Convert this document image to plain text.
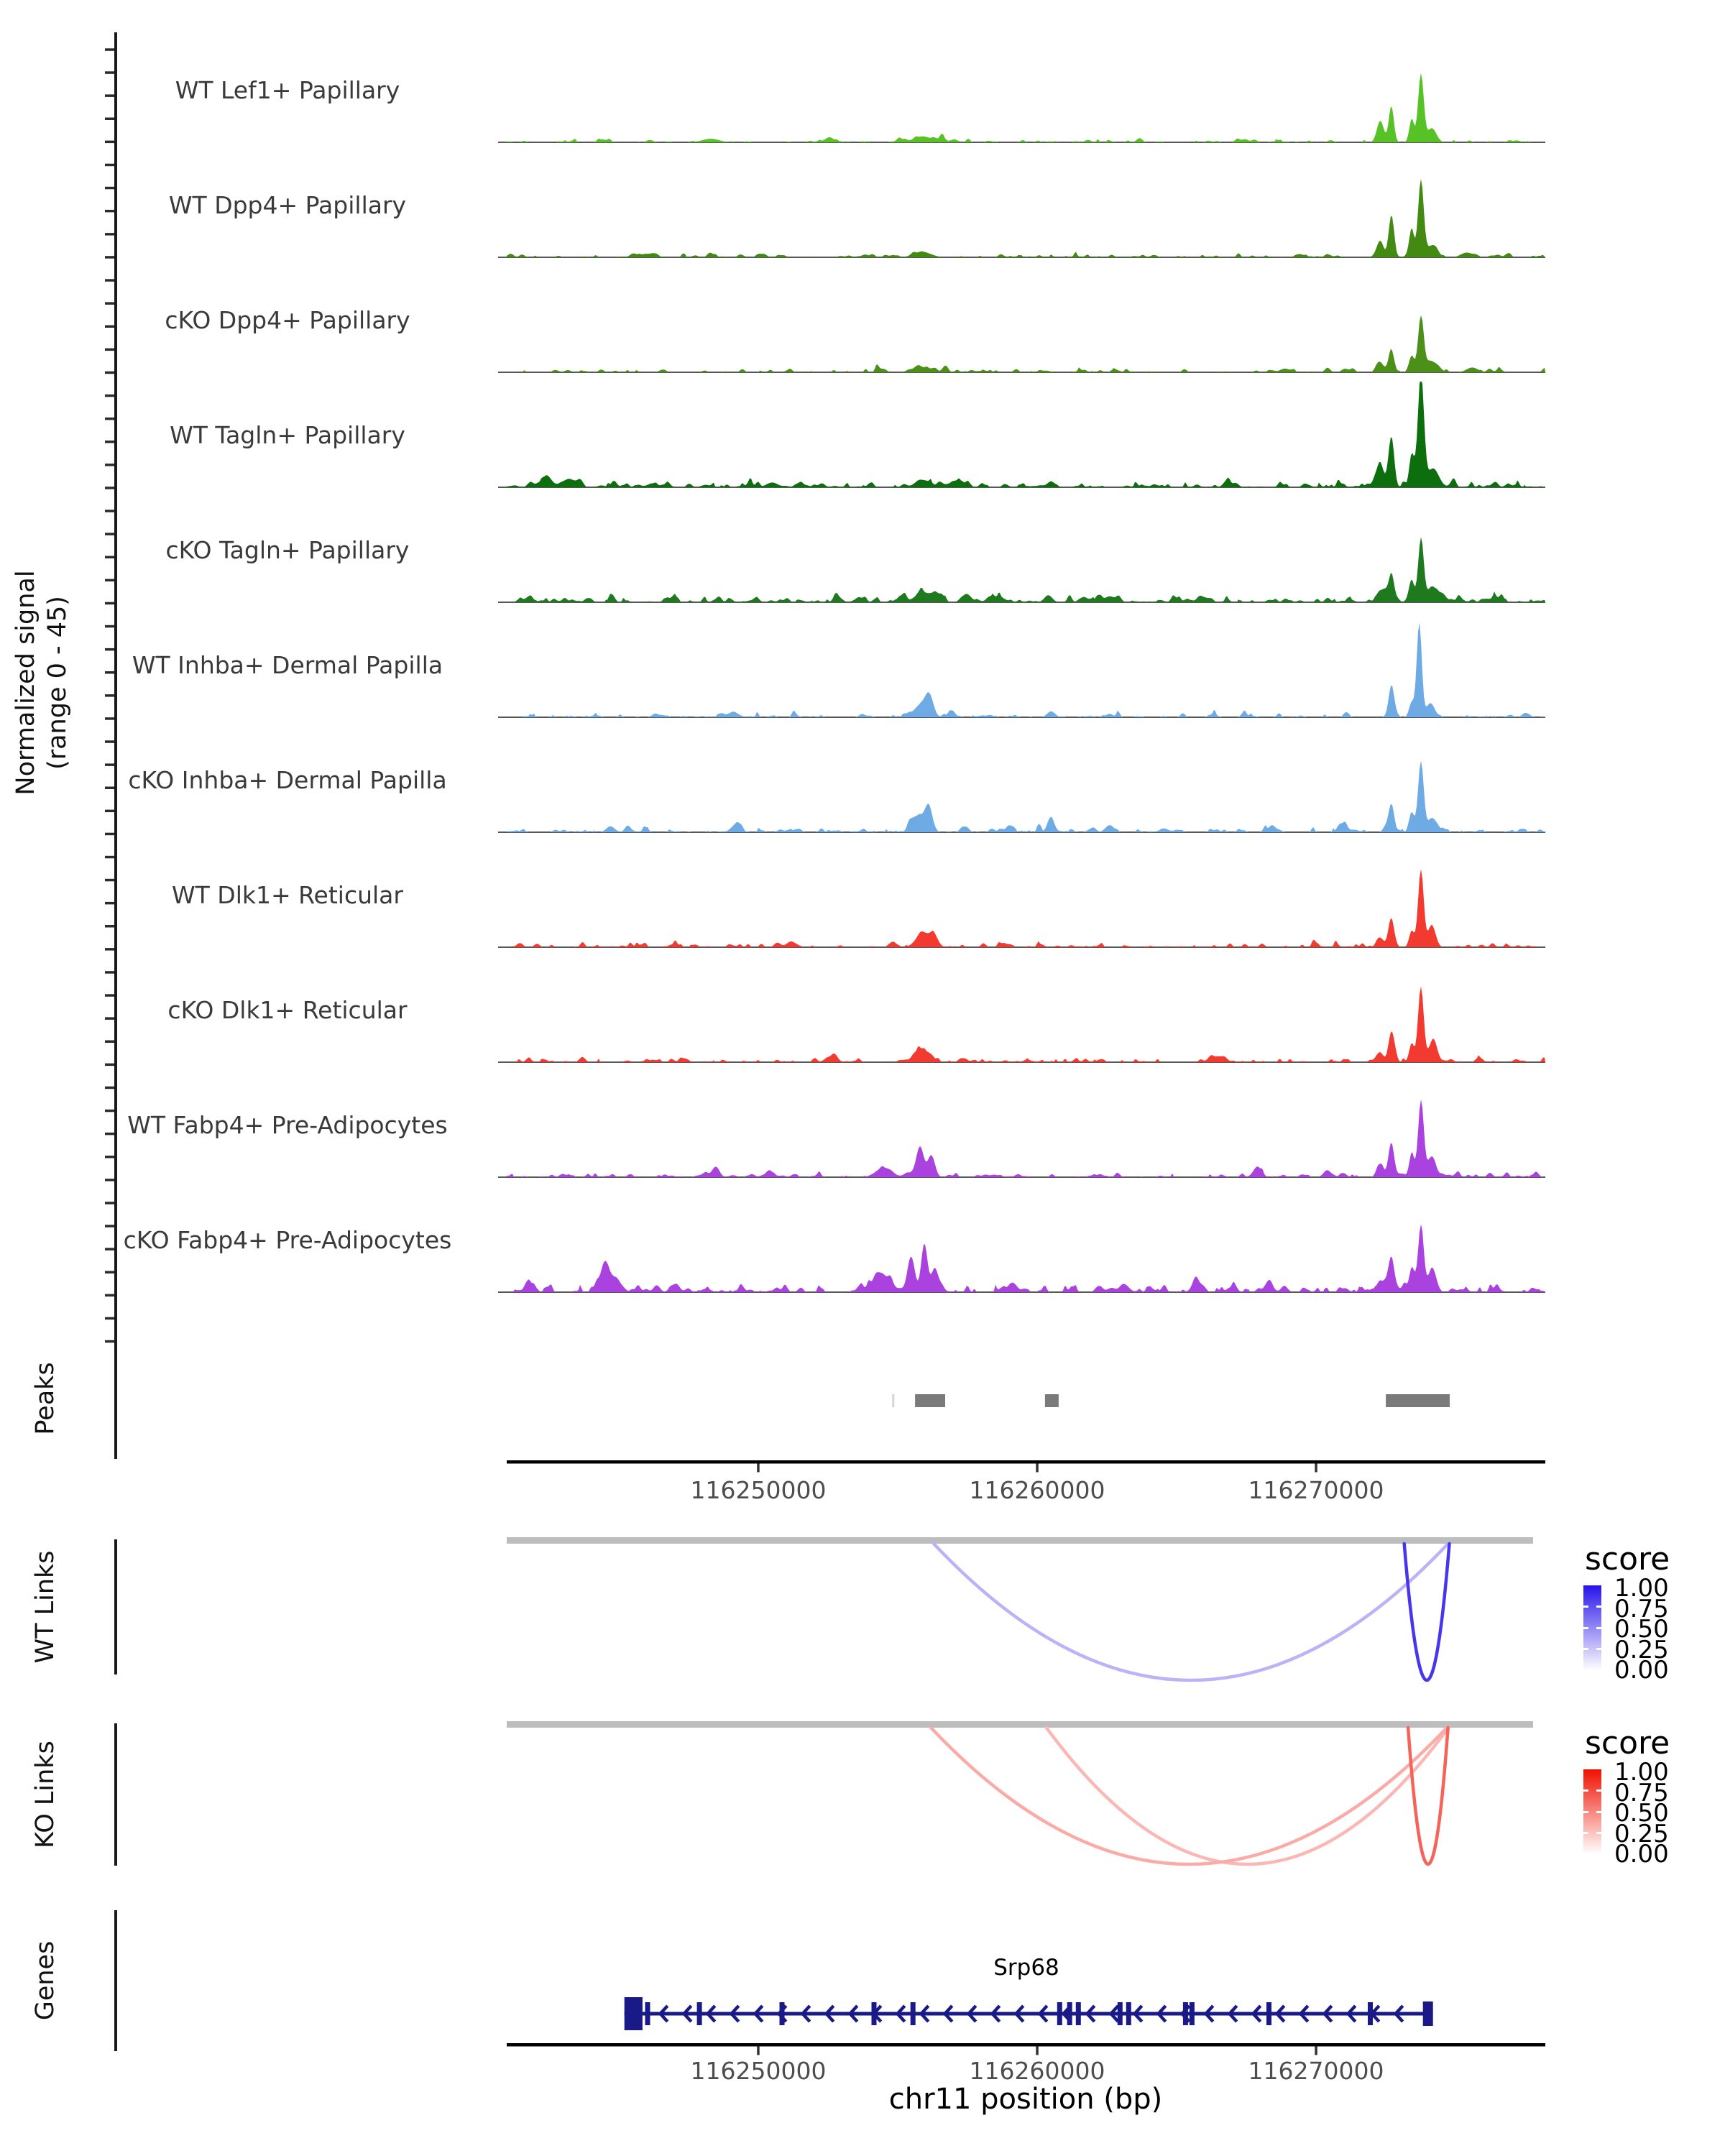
Normalized signal (range 0 - 45)
WT Lef1+ Papillary
WT Dpp4+ Papillary
cKO Dpp4+ Papillary
WT Tagln+ Papillary
cKO Tagln+ Papillary
WT Inhba+ Dermal Papilla
cKO Inhba+ Dermal Papilla
WT Dlk1+ Reticular
cKO Dlk1+ Reticular
WT Fabp4+ Pre-Adipocytes
cKO Fabp4+ Pre-Adipocytes
Peaks
WT Links
KO Links
Genes
116250000	116260000	116270000
score
1.00
0.75
0.50
0.25
0.00
score
1.00
0.75
0.50
0.25
0.00
Srp68
116250000	116260000	116270000
chr11 position (bp)
